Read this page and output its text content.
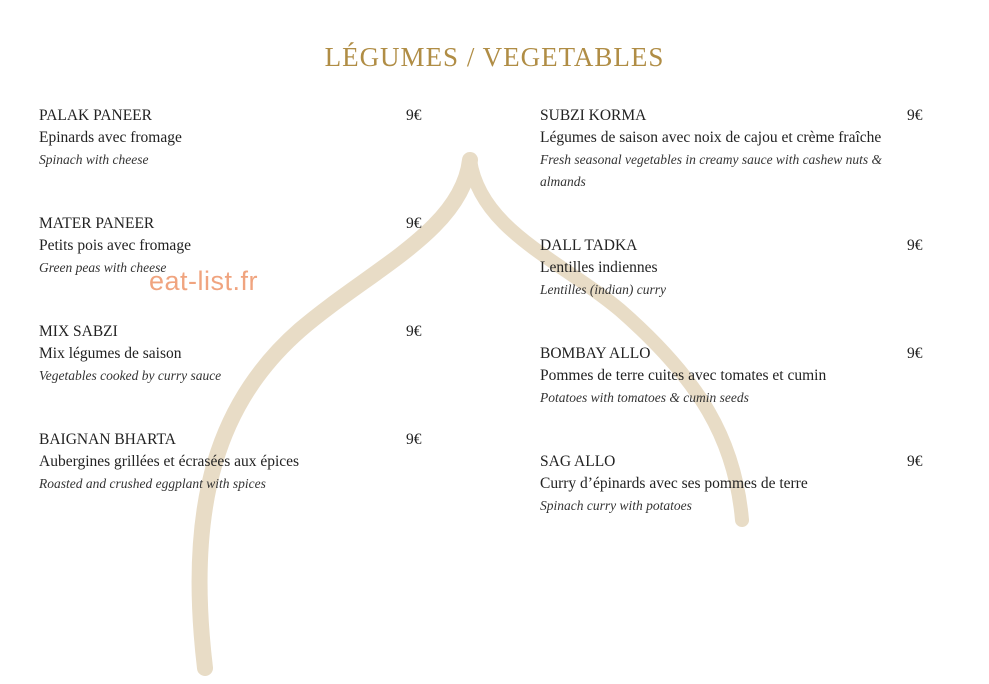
LÉGUMES / VEGETABLES
PALAK PANEER
Epinards avec fromage
Spinach with cheese
9€
MATER PANEER
Petits pois avec fromage
Green peas with cheese
9€
MIX SABZI
Mix légumes de saison
Vegetables cooked by curry sauce
9€
BAIGNAN BHARTA
Aubergines grillées et écrasées aux épices
Roasted and crushed eggplant with spices
9€
SUBZI KORMA
Légumes de saison avec noix de cajou et crème fraîche
Fresh seasonal vegetables in creamy sauce with cashew nuts & almands
9€
DALL TADKA
Lentilles indiennes
Lentilles (indian) curry
9€
BOMBAY ALLO
Pommes de terre cuites avec tomates et cumin
Potatoes with tomatoes & cumin seeds
9€
SAG ALLO
Curry d’épinards avec ses pommes de terre
Spinach curry with potatoes
9€
eat-list.fr
